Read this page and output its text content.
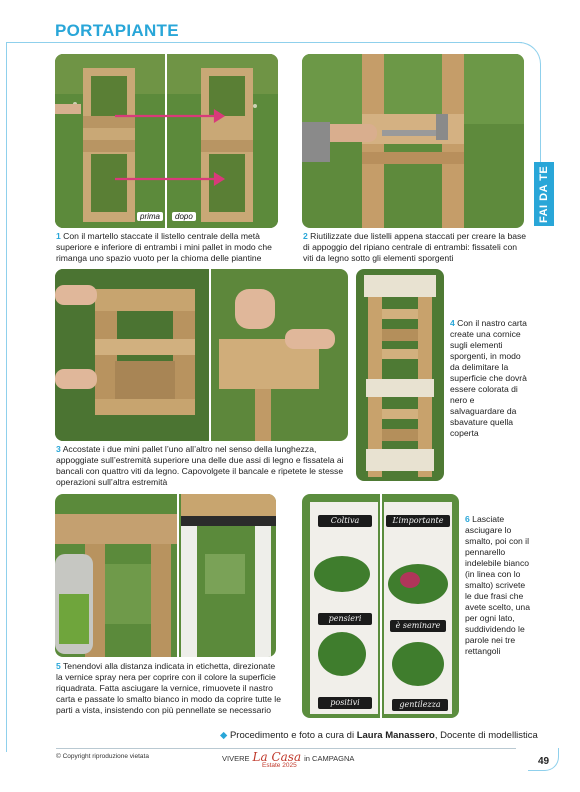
PORTAPIANTE
FAI DA TE
prima	dopo
1 Con il martello staccate il listello centrale della metà superiore e inferiore di entrambi i mini pallet in modo che rimanga uno spazio vuoto per la chioma delle piantine
2 Riutilizzate due listelli appena staccati per creare la base di appoggio del ripiano centrale di entrambi: fissateli con viti da legno sotto gli elementi sporgenti
3 Accostate i due mini pallet l’uno all’altro nel senso della lunghezza, appoggiate sull’estremità superiore una delle due assi di legno e fissatela ai bancali con quattro viti da legno. Capovolgete il bancale e ripetete le stesse operazioni sull’altra estremità
4 Con il nastro carta create una cornice sugli elementi sporgenti, in modo da delimitare la superficie che dovrà essere colorata di nero e salvaguardare da sbavature quella coperta
5 Tenendovi alla distanza indicata in etichetta, direzionate la vernice spray nera per coprire con il colore la superficie riquadrata. Fatta asciugare la vernice, rimuovete il nastro carta e passate lo smalto bianco in modo da coprire tutte le parti a vista, insistendo con più pennellate se necessario
Coltiva	L’importante
pensieri
è seminare
positivi	gentilezza
6 Lasciate asciugare lo smalto, poi con il pennarello indelebile bianco (in linea con lo smalto) scrivete le due frasi che avete scelto, una per ogni lato, suddividendo le parole nei tre rettangoli
◆ Procedimento e foto a cura di Laura Manassero, Docente di modellistica
© Copyright riproduzione vietata	VIVERE La Casa in CAMPAGNA
Estate 2025	49
